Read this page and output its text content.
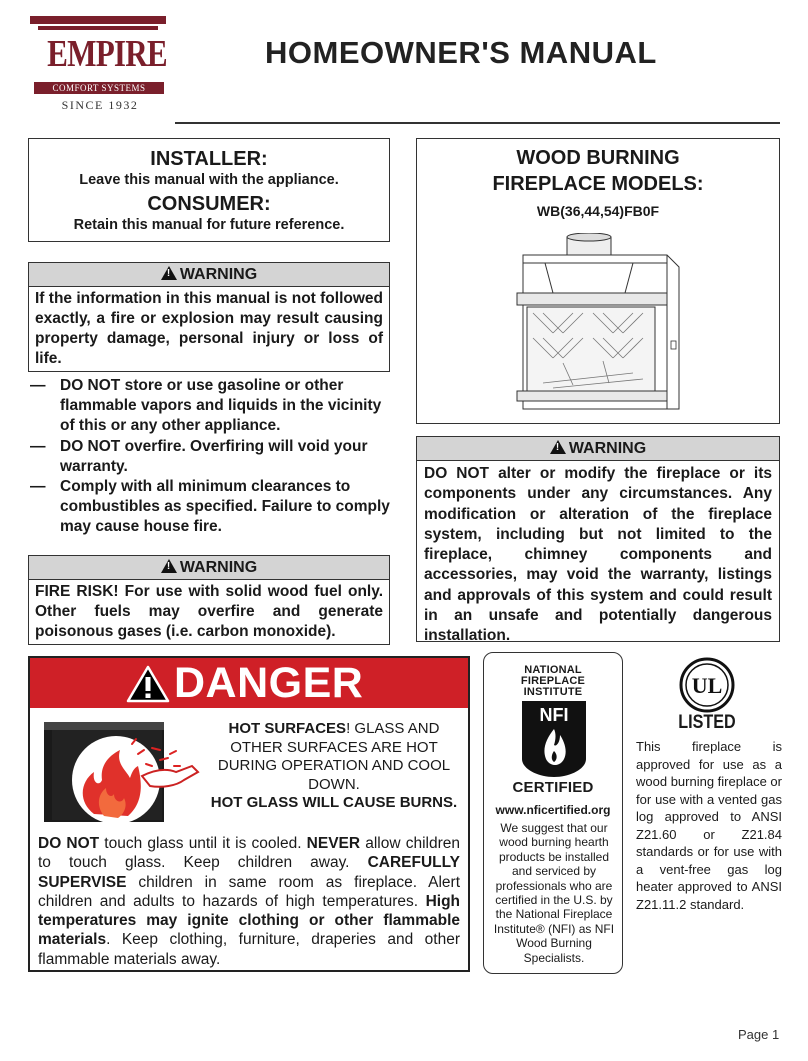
EMPIRE
COMFORT SYSTEMS
SINCE 1932
HOMEOWNER'S MANUAL
INSTALLER:
Leave this manual with the appliance.
CONSUMER:
Retain this manual for future reference.
!WARNING
If the information in this manual is not followed exactly, a fire or explosion may result causing property damage, personal injury or loss of life.
— DO NOT store or use gasoline or other flammable vapors and liquids in the vicinity of this or any other appliance.
— DO NOT overfire. Overfiring will void your warranty.
— Comply with all minimum clearances to combustibles as specified. Failure to comply may cause house fire.
!WARNING
FIRE RISK! For use with solid wood fuel only. Other fuels may overfire and generate poisonous gases (i.e. carbon monoxide).
WOOD BURNING
FIREPLACE MODELS:
WB(36,44,54)FB0F
!WARNING
DO NOT alter or modify the fireplace or its components under any circumstances. Any modification or alteration of the fireplace system, including but not limited to the fireplace, chimney components and accessories, may void the warranty, listings and approvals of this system and could result in an unsafe and potentially dangerous installation.
DANGER
HOT SURFACES! GLASS AND OTHER SURFACES ARE HOT DURING OPERATION AND COOL DOWN.
HOT GLASS WILL CAUSE BURNS.
DO NOT touch glass until it is cooled. NEVER allow children to touch glass. Keep children away. CAREFULLY SUPERVISE children in same room as fireplace. Alert children and adults to hazards of high temperatures. High temperatures may ignite clothing or other flammable materials. Keep clothing, furniture, draperies and other flammable materials away.
NATIONAL
FIREPLACE
INSTITUTE
NFI
CERTIFIED
www.nficertified.org
We suggest that our wood burning hearth products be installed and serviced by professionals who are certified in the U.S. by the National Fireplace Institute® (NFI) as NFI Wood Burning Specialists.
UL
LISTED
This fireplace is approved for use as a wood burning fireplace or for use with a vented gas log approved to ANSI Z21.60 or Z21.84 standards or for use with a vent-free gas log heater approved to ANSI Z21.11.2 standard.
Page 1
